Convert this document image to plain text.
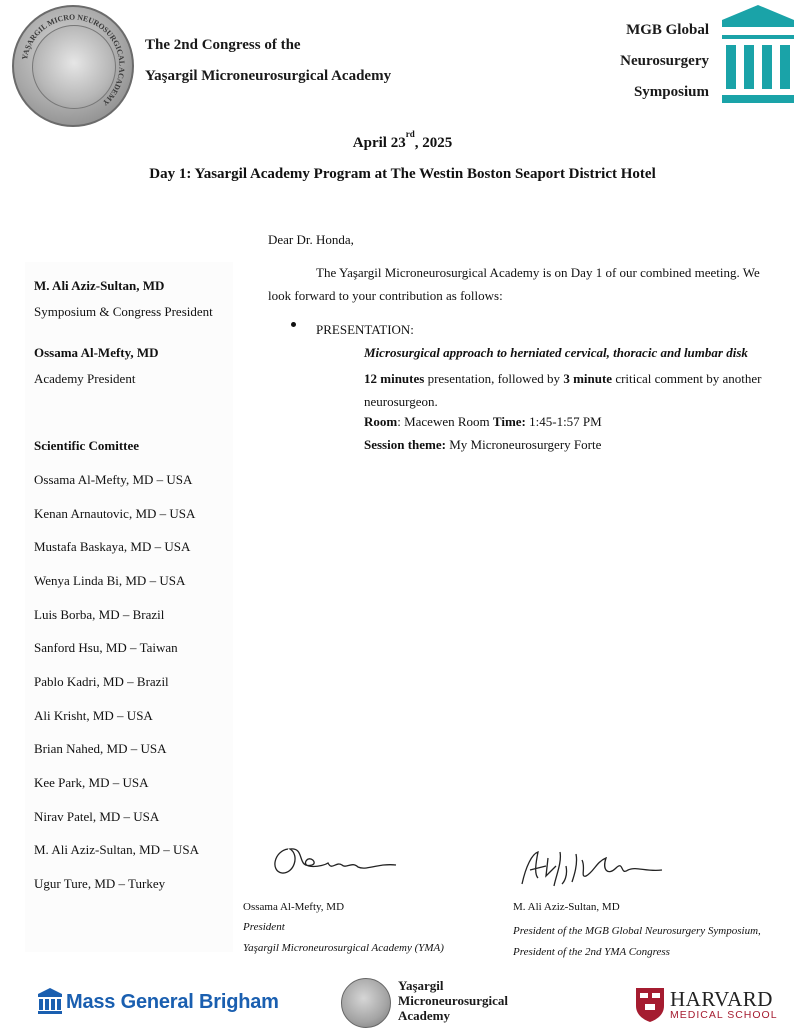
YAŞARGIL MICRO NEUROSURGICAL ACADEMY
The 2nd Congress of the
Yaşargil Microneurosurgical Academy
MGB Global
Neurosurgery
Symposium
April 23rd, 2025
Day 1: Yasargil Academy Program at The Westin Boston Seaport District Hotel
M. Ali Aziz-Sultan, MD
Symposium & Congress President
Ossama Al-Mefty, MD
Academy President
Scientific Comittee
Ossama Al-Mefty, MD – USA
Kenan Arnautovic, MD – USA
Mustafa Baskaya, MD – USA
Wenya Linda Bi, MD – USA
Luis Borba, MD – Brazil
Sanford Hsu, MD – Taiwan
Pablo Kadri, MD – Brazil
Ali Krisht, MD – USA
Brian Nahed, MD – USA
Kee Park, MD – USA
Nirav Patel, MD – USA
M. Ali Aziz-Sultan, MD – USA
Ugur Ture, MD – Turkey
Dear Dr. Honda,
The Yaşargil Microneurosurgical Academy is on Day 1 of our combined meeting. We look forward to your contribution as follows:
PRESENTATION:
Microsurgical approach to herniated cervical, thoracic and lumbar disk
12 minutes presentation, followed by 3 minute critical comment by another neurosurgeon.
Room: Macewen Room Time: 1:45-1:57 PM
Session theme: My Microneurosurgery Forte
Ossama Al-Mefty, MD
President
Yaşargil Microneurosurgical Academy (YMA)
M. Ali Aziz-Sultan, MD
President of the MGB Global Neurosurgery Symposium,
President of the 2nd YMA Congress
Mass General Brigham
Yaşargil
Microneurosurgical
Academy
HARVARD
MEDICAL SCHOOL
